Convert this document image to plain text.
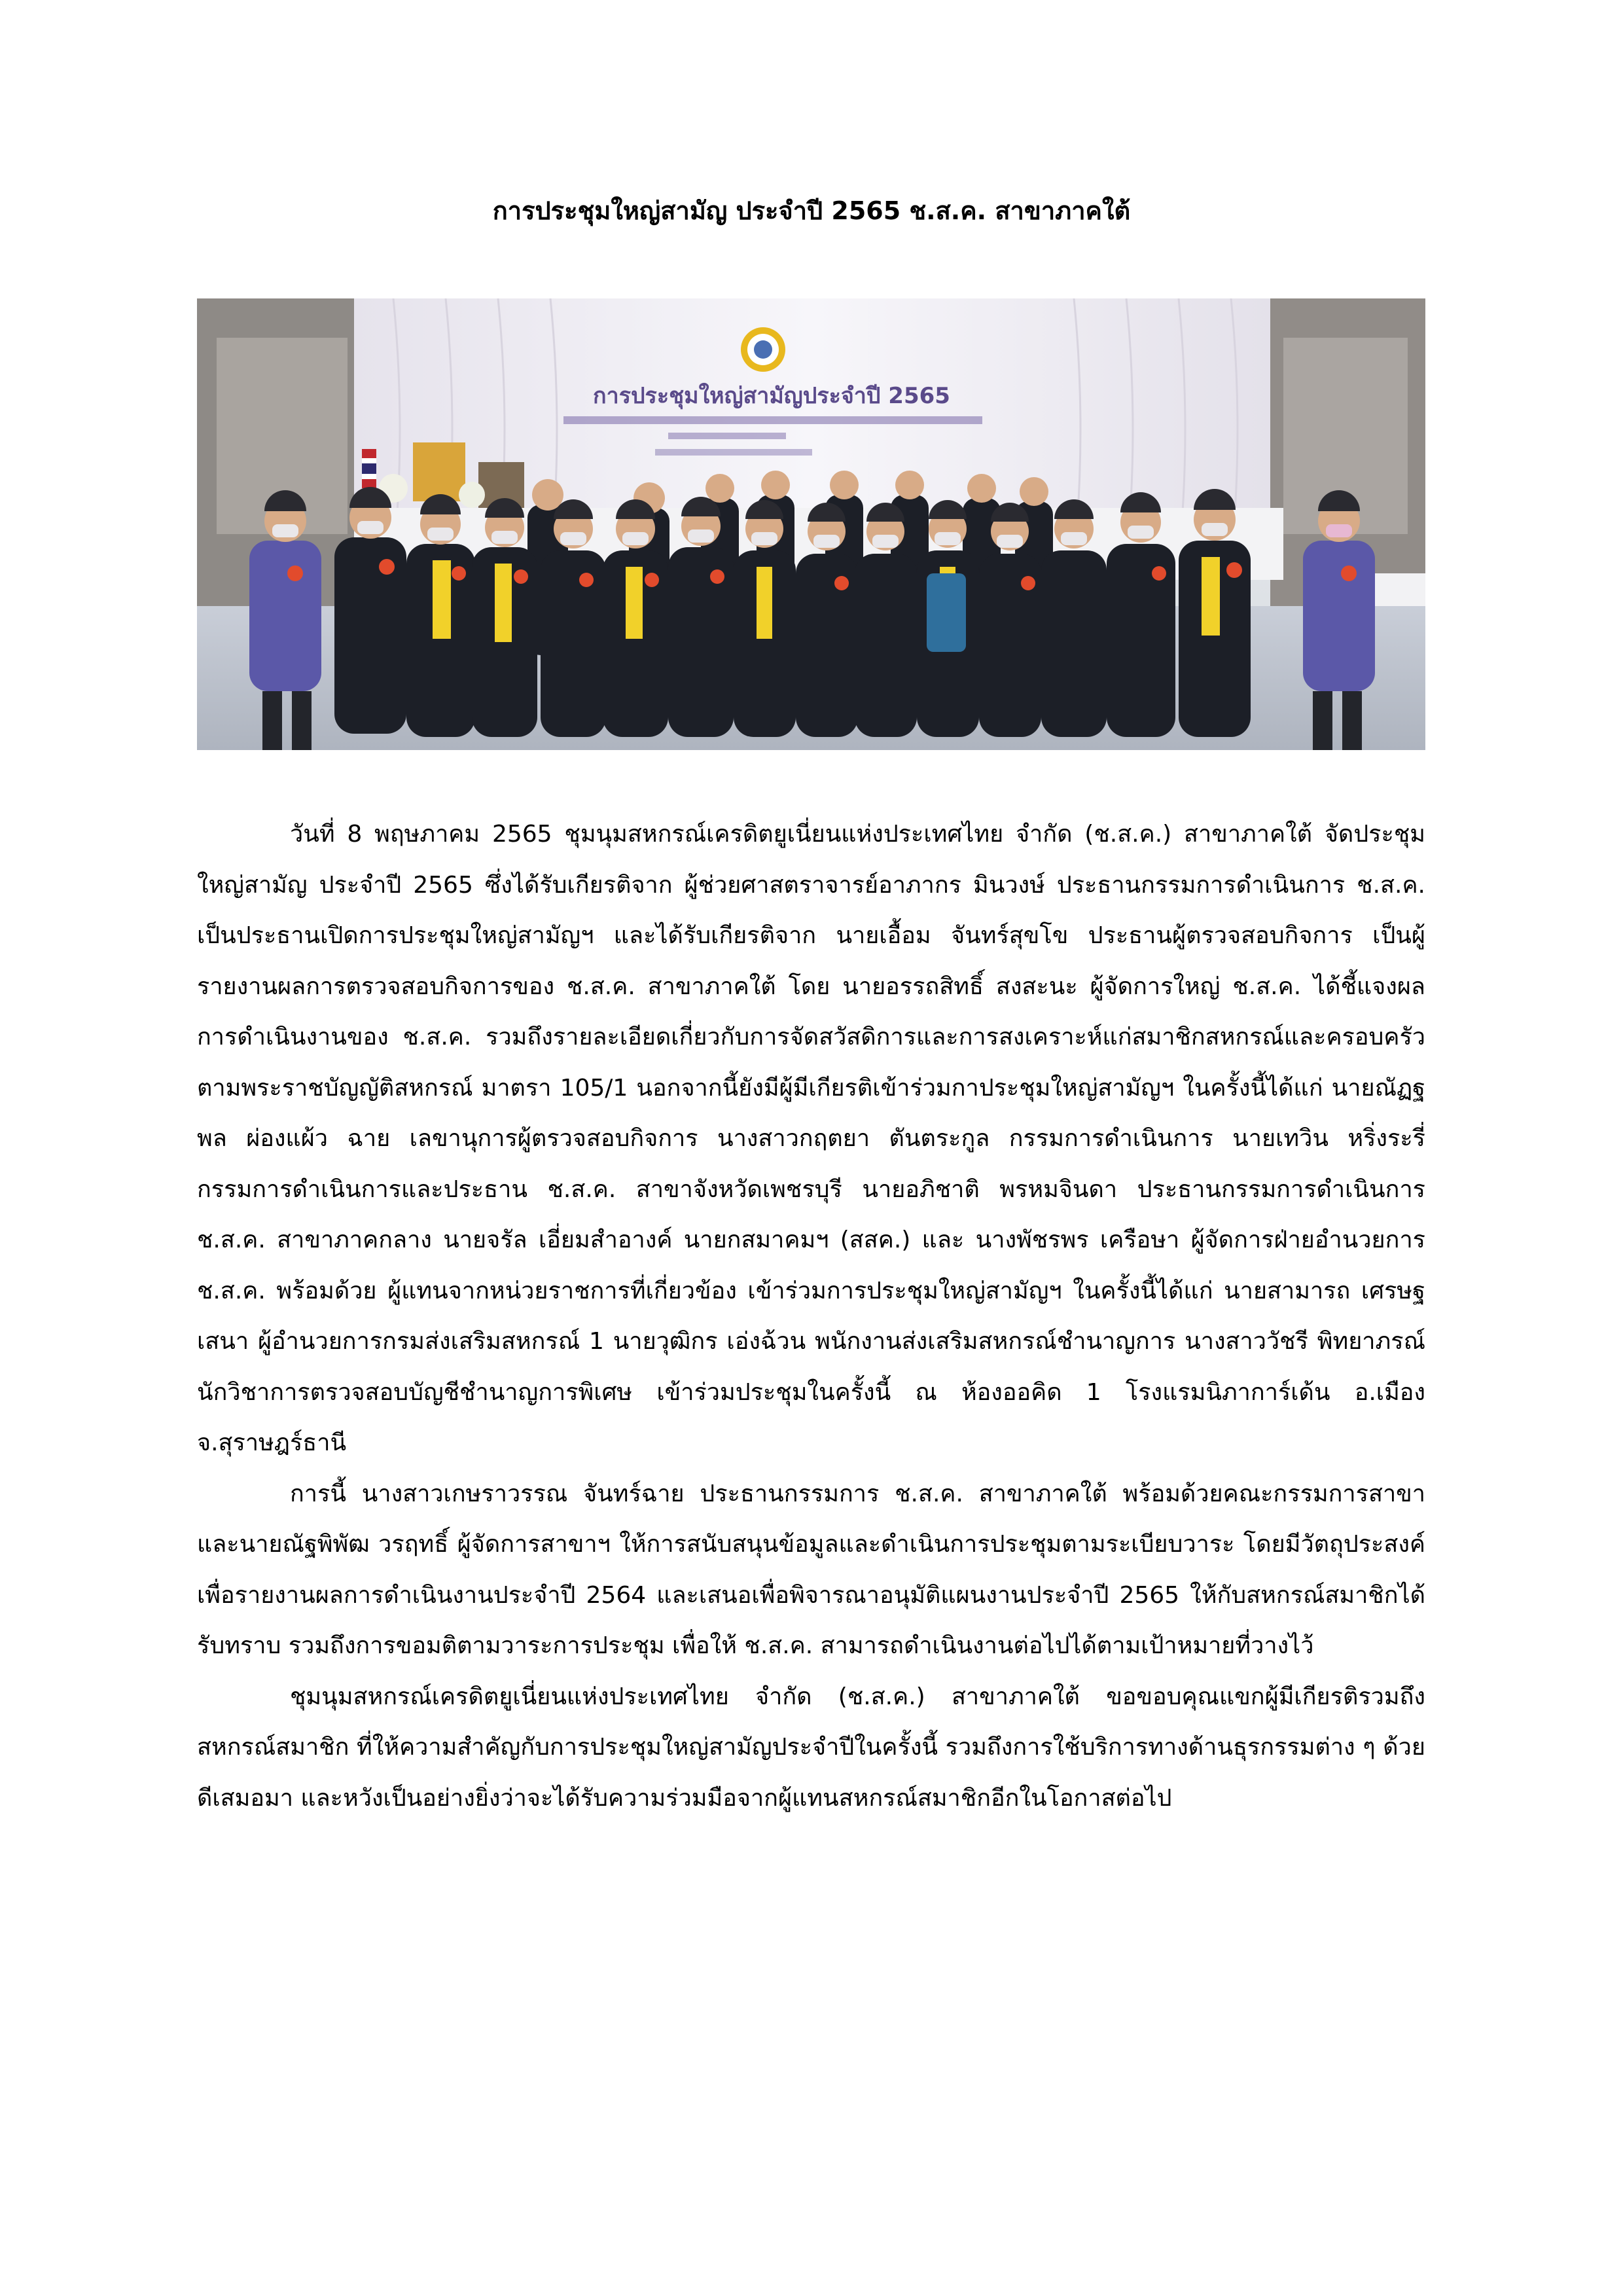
การประชุมใหญ่สามัญ ประจำปี 2565 ช.ส.ค. สาขาภาคใต้
การประชุมใหญ่สามัญประจำปี 2565

วันที่ 8 พฤษภาคม 2565 ชุมนุมสหกรณ์เครดิตยูเนี่ยนแห่งประเทศไทย จำกัด (ช.ส.ค.) สาขาภาคใต้ จัดประชุมใหญ่สามัญ ประจำปี 2565 ซึ่งได้รับเกียรติจาก ผู้ช่วยศาสตราจารย์อาภากร มินวงษ์ ประธานกรรมการดำเนินการ ช.ส.ค. เป็นประธานเปิดการประชุมใหญ่สามัญฯ และได้รับเกียรติจาก นายเอื้อม จันทร์สุขโข ประธานผู้ตรวจสอบกิจการ เป็นผู้รายงานผลการตรวจสอบกิจการของ ช.ส.ค. สาขาภาคใต้ โดย นายอรรถสิทธิ์ สงสะนะ ผู้จัดการใหญ่ ช.ส.ค. ได้ชี้แจงผลการดำเนินงานของ ช.ส.ค. รวมถึงรายละเอียดเกี่ยวกับการจัดสวัสดิการและการสงเคราะห์แก่สมาชิกสหกรณ์และครอบครัว ตามพระราชบัญญัติสหกรณ์ มาตรา 105/1 นอกจากนี้ยังมีผู้มีเกียรติเข้าร่วมกาประชุมใหญ่สามัญฯ ในครั้งนี้ได้แก่ นายณัฏฐพล ผ่องแผ้ว ฉาย เลขานุการผู้ตรวจสอบกิจการ นางสาวกฤตยา ตันตระกูล กรรมการดำเนินการ นายเทวิน หริ่งระรี่ กรรมการดำเนินการและประธาน ช.ส.ค. สาขาจังหวัดเพชรบุรี นายอภิชาติ พรหมจินดา ประธานกรรมการดำเนินการ ช.ส.ค. สาขาภาคกลาง นายจรัล เอี่ยมสำอางค์ นายกสมาคมฯ (สสค.) และ นางพัชรพร เครือษา ผู้จัดการฝ่ายอำนวยการ ช.ส.ค. พร้อมด้วย ผู้แทนจากหน่วยราชการที่เกี่ยวข้อง เข้าร่วมการประชุมใหญ่สามัญฯ ในครั้งนี้ได้แก่ นายสามารถ เศรษฐเสนา ผู้อำนวยการกรมส่งเสริมสหกรณ์ 1 นายวุฒิกร เอ่งฉ้วน พนักงานส่งเสริมสหกรณ์ชำนาญการ นางสาววัชรี พิทยาภรณ์ นักวิชาการตรวจสอบบัญชีชำนาญการพิเศษ เข้าร่วมประชุมในครั้งนี้ ณ ห้องออคิด 1 โรงแรมนิภาการ์เด้น อ.เมือง จ.สุราษฎร์ธานี

การนี้ นางสาวเกษราวรรณ จันทร์ฉาย ประธานกรรมการ ช.ส.ค. สาขาภาคใต้ พร้อมด้วยคณะกรรมการสาขา และนายณัฐพิพัฒ วรฤทธิ์ ผู้จัดการสาขาฯ ให้การสนับสนุนข้อมูลและดำเนินการประชุมตามระเบียบวาระ โดยมีวัตถุประสงค์เพื่อรายงานผลการดำเนินงานประจำปี 2564 และเสนอเพื่อพิจารณาอนุมัติแผนงานประจำปี 2565 ให้กับสหกรณ์สมาชิกได้รับทราบ รวมถึงการขอมติตามวาระการประชุม เพื่อให้ ช.ส.ค. สามารถดำเนินงานต่อไปได้ตามเป้าหมายที่วางไว้

ชุมนุมสหกรณ์เครดิตยูเนี่ยนแห่งประเทศไทย จำกัด (ช.ส.ค.) สาขาภาคใต้ ขอขอบคุณแขกผู้มีเกียรติรวมถึงสหกรณ์สมาชิก ที่ให้ความสำคัญกับการประชุมใหญ่สามัญประจำปีในครั้งนี้ รวมถึงการใช้บริการทางด้านธุรกรรมต่าง ๆ ด้วยดีเสมอมา และหวังเป็นอย่างยิ่งว่าจะได้รับความร่วมมือจากผู้แทนสหกรณ์สมาชิกอีกในโอกาสต่อไป
